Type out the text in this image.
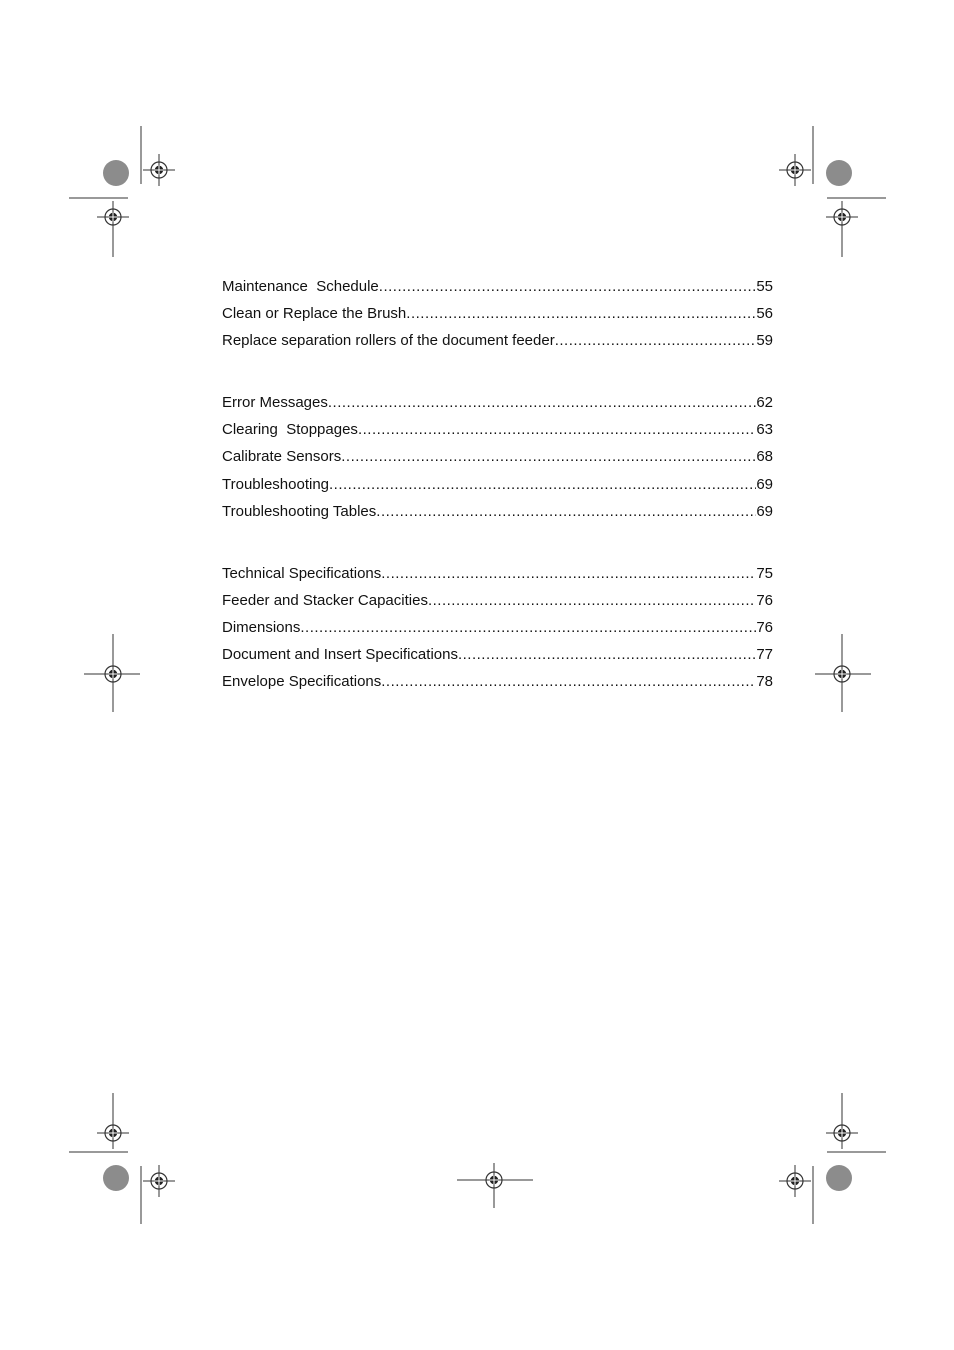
Maintenance  Schedule .....	55
Clean or Replace the Brush .....	56
Replace separation rollers of the document feeder .....	59
Error Messages .....	62
Clearing  Stoppages .....	63
Calibrate Sensors .....	68
Troubleshooting .....	69
Troubleshooting Tables .....	69
Technical Specifications .....	75
Feeder and Stacker Capacities .....	76
Dimensions .....	76
Document and Insert Specifications .....	77
Envelope Specifications .....	78
